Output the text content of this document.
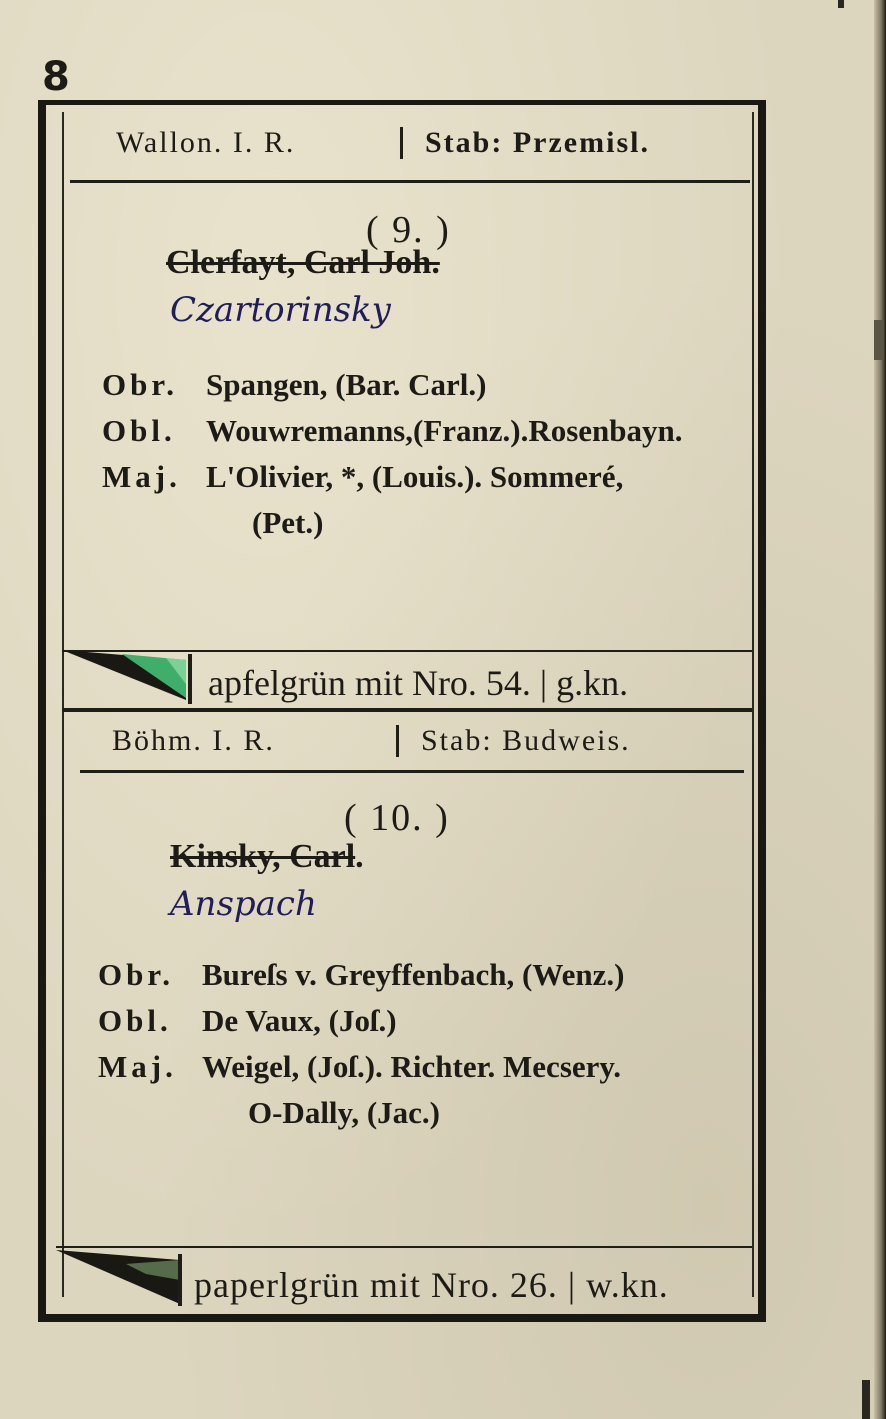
8
Wallon. I. R.	Stab: Przemisl.
( 9. )
Clerfayt, Carl Joh.
Czartorinsky
Obr. Spangen, (Bar. Carl.)
Obl. Wouwremanns,(Franz.).Rosenbayn.
Maj. L'Olivier, *, (Louis.). Sommeré,
(Pet.)
apfelgrün mit Nro. 54. | g.kn.
Böhm. I. R.	Stab: Budweis.
( 10. )
Kinsky, Carl.
Anspach
Obr. Bureſs v. Greyffenbach, (Wenz.)
Obl. De Vaux, (Joſ.)
Maj. Weigel, (Joſ.). Richter. Mecsery.
O-Dally, (Jac.)
paperlgrün mit Nro. 26. | w.kn.
